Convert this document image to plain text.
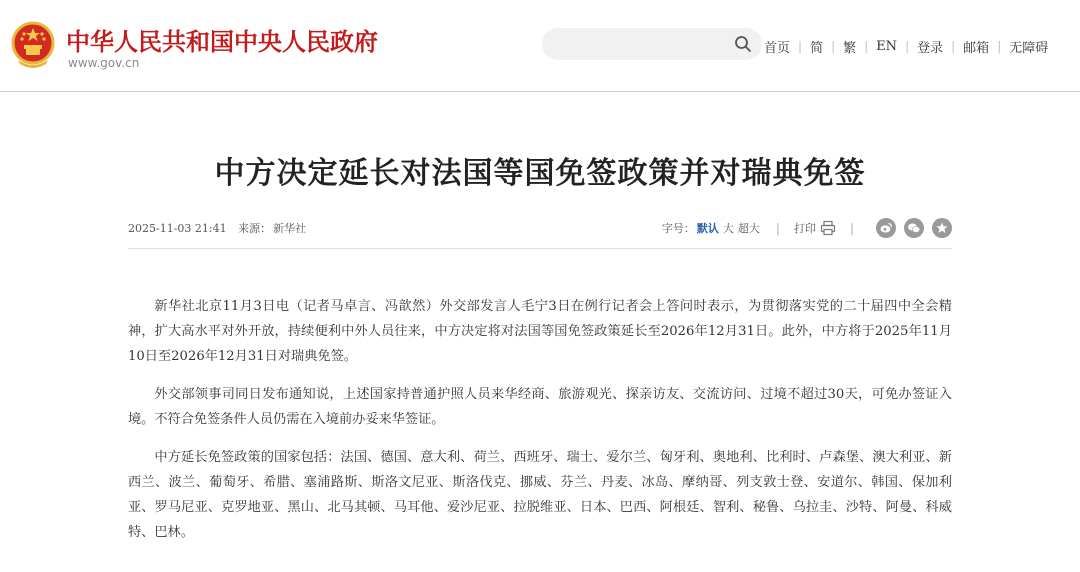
中华人民共和国中央人民政府
www.gov.cn
首页 | 简 | 繁 | EN | 登录 | 邮箱 | 无障碍
中方决定延长对法国等国免签政策并对瑞典免签
2025-11-03 21:41 来源： 新华社	字号： 默认 大 超大 | 打印	|

新华社北京11月3日电（记者马卓言、冯歆然）外交部发言人毛宁3日在例行记者会上答问时表示，为贯彻落实党的二十届四中全会精神，扩大高水平对外开放，持续便利中外人员往来，中方决定将对法国等国免签政策延长至2026年12月31日。此外，中方将于2025年11月10日至2026年12月31日对瑞典免签。

外交部领事司同日发布通知说，上述国家持普通护照人员来华经商、旅游观光、探亲访友、交流访问、过境不超过30天，可免办签证入境。不符合免签条件人员仍需在入境前办妥来华签证。

中方延长免签政策的国家包括：法国、德国、意大利、荷兰、西班牙、瑞士、爱尔兰、匈牙利、奥地利、比利时、卢森堡、澳大利亚、新西兰、波兰、葡萄牙、希腊、塞浦路斯、斯洛文尼亚、斯洛伐克、挪威、芬兰、丹麦、冰岛、摩纳哥、列支敦士登、安道尔、韩国、保加利亚、罗马尼亚、克罗地亚、黑山、北马其顿、马耳他、爱沙尼亚、拉脱维亚、日本、巴西、阿根廷、智利、秘鲁、乌拉圭、沙特、阿曼、科威特、巴林。
